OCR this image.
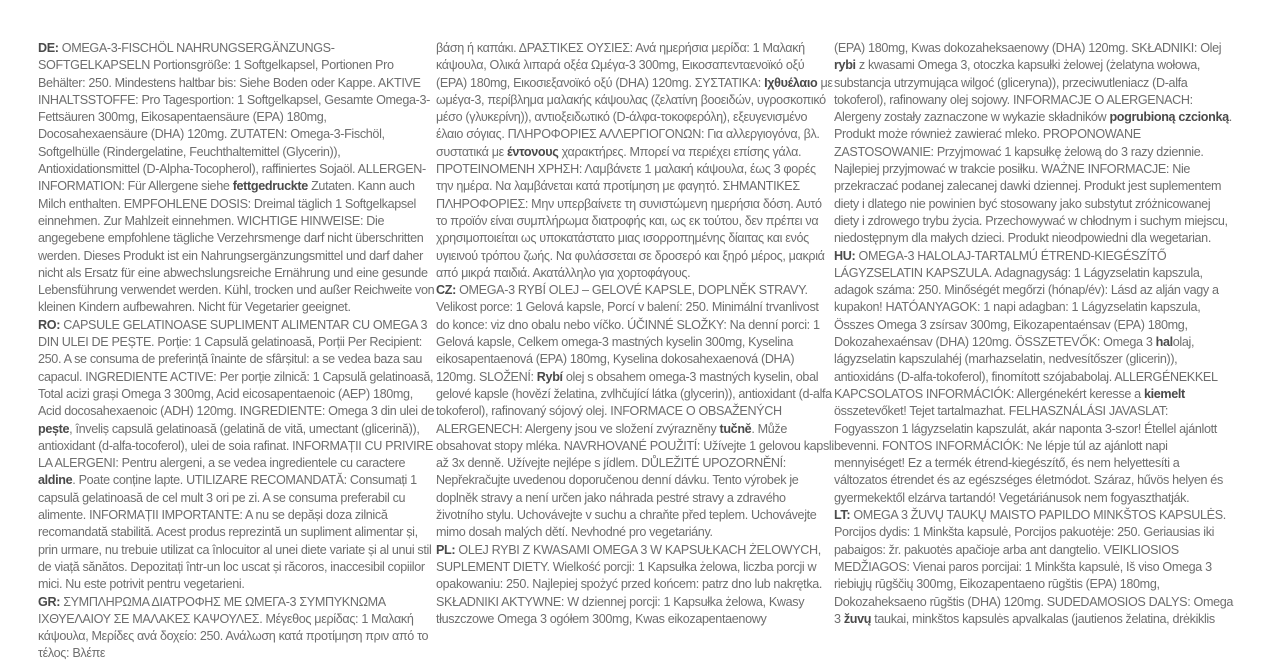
DE: OMEGA-3-FISCHÖL NAHRUNGSERGÄNZUNGS-SOFTGELKAPSELN Portionsgröße: 1 Softgelkapsel, Portionen Pro Behälter: 250. Mindestens haltbar bis: Siehe Boden oder Kappe. AKTIVE INHALTSSTOFFE: Pro Tagesportion: 1 Softgelkapsel, Gesamte Omega-3-Fettsäuren 300mg, Eikosapentaensäure (EPA) 180mg, Docosahexaensäure (DHA) 120mg. ZUTATEN: Omega-3-Fischöl, Softgelhülle (Rindergelatine, Feuchthaltemittel (Glycerin)), Antioxidationsmittel (D-Alpha-Tocopherol), raffiniertes Sojaöl. ALLERGEN-INFORMATION: Für Allergene siehe fettgedruckte Zutaten. Kann auch Milch enthalten. EMPFOHLENE DOSIS: Dreimal täglich 1 Softgelkapsel einnehmen. Zur Mahlzeit einnehmen. WICHTIGE HINWEISE: Die angegebene empfohlene tägliche Verzehrsmenge darf nicht überschritten werden. Dieses Produkt ist ein Nahrungsergänzungsmittel und darf daher nicht als Ersatz für eine abwechslungsreiche Ernährung und eine gesunde Lebensführung verwendet werden. Kühl, trocken und außer Reichweite von kleinen Kindern aufbewahren. Nicht für Vegetarier geeignet.
RO: CAPSULE GELATINOASE SUPLIMENT ALIMENTAR CU OMEGA 3 DIN ULEI DE PEȘTE. Porție: 1 Capsulă gelatinoasă, Porții Per Recipient: 250. A se consuma de preferință înainte de sfârșitul: a se vedea baza sau capacul. INGREDIENTE ACTIVE: Per porție zilnică: 1 Capsulă gelatinoasă, Total acizi grași Omega 3 300mg, Acid eicosapentaenoic (AEP) 180mg, Acid docosahexaenoic (ADH) 120mg. INGREDIENTE: Omega 3 din ulei de pește, înveliș capsulă gelatinoasă (gelatină de vită, umectant (glicerină)), antioxidant (d-alfa-tocoferol), ulei de soia rafinat. INFORMAȚII CU PRIVIRE LA ALERGENI: Pentru alergeni, a se vedea ingredientele cu caractere aldine. Poate conține lapte. UTILIZARE RECOMANDATĂ: Consumați 1 capsulă gelatinoasă de cel mult 3 ori pe zi. A se consuma preferabil cu alimente. INFORMAȚII IMPORTANTE: A nu se depăși doza zilnică recomandată stabilită. Acest produs reprezintă un supliment alimentar și, prin urmare, nu trebuie utilizat ca înlocuitor al unei diete variate și al unui stil de viață sănătos. Depozitați într-un loc uscat și răcoros, inaccesibil copiilor mici. Nu este potrivit pentru vegetarieni.
GR: ΣΥΜΠΛΗΡΩΜΑ ΔΙΑΤΡΟΦΗΣ ΜΕ ΩΜΕΓΑ-3 ΣΥΜΠΥΚΝΩΜΑ ΙΧΘΥΕΛΑΙΟΥ ΣΕ ΜΑΛΑΚΕΣ ΚΑΨΟΥΛΕΣ. Μέγεθος μερίδας: 1 Μαλακή κάψουλα, Μερίδες ανά δοχείο: 250. Ανάλωση κατά προτίμηση πριν από το τέλος: Βλέπε
βάση ή καπάκι. ΔΡΑΣΤΙΚΕΣ ΟΥΣΙΕΣ: Ανά ημερήσια μερίδα: 1 Μαλακή κάψουλα, Ολικά λιπαρά οξέα Ωμέγα-3 300mg, Εικοσαπενταενοϊκό οξύ (EPA) 180mg, Εικοσιεξανοϊκό οξύ (DHA) 120mg. ΣΥΣΤΑΤΙΚΑ: Ιχθυέλαιο με ωμέγα-3, περίβλημα μαλακής κάψουλας (ζελατίνη βοοειδών, υγροσκοπικό μέσο (γλυκερίνη)), αντιοξειδωτικό (D-άλφα-τοκοφερόλη), εξευγενισμένο έλαιο σόγιας. ΠΛΗΡΟΦΟΡΙΕΣ ΑΛΛΕΡΓΙΟΓΟΝΩΝ: Για αλλεργιογόνα, βλ. συστατικά με έντονους χαρακτήρες. Μπορεί να περιέχει επίσης γάλα. ΠΡΟΤΕΙΝΟΜΕΝΗ ΧΡΗΣΗ: Λαμβάνετε 1 μαλακή κάψουλα, έως 3 φορές την ημέρα. Να λαμβάνεται κατά προτίμηση με φαγητό. ΣΗΜΑΝΤΙΚΕΣ ΠΛΗΡΟΦΟΡΙΕΣ: Μην υπερβαίνετε τη συνιστώμενη ημερήσια δόση. Αυτό το προϊόν είναι συμπλήρωμα διατροφής και, ως εκ τούτου, δεν πρέπει να χρησιμοποιείται ως υποκατάστατο μιας ισορροπημένης δίαιτας και ενός υγιεινού τρόπου ζωής. Να φυλάσσεται σε δροσερό και ξηρό μέρος, μακριά από μικρά παιδιά. Ακατάλληλο για χορτοφάγους.
CZ: OMEGA-3 RYBÍ OLEJ – GELOVÉ KAPSLE, DOPLNĚK STRAVY. Velikost porce: 1 Gelová kapsle, Porcí v balení: 250. Minimální trvanlivost do konce: viz dno obalu nebo víčko. ÚČINNÉ SLOŽKY: Na denní porci: 1 Gelová kapsle, Celkem omega-3 mastných kyselin 300mg, Kyselina eikosapentaenová (EPA) 180mg, Kyselina dokosahexaenová (DHA) 120mg. SLOŽENÍ: Rybí olej s obsahem omega-3 mastných kyselin, obal gelové kapsle (hovězí želatina, zvlhčující látka (glycerin)), antioxidant (d-alfa tokoferol), rafinovaný sójový olej. INFORMACE O OBSAŽENÝCH ALERGENECH: Alergeny jsou ve složení zvýrazněny tučně. Může obsahovat stopy mléka. NAVRHOVANÉ POUŽITÍ: Užívejte 1 gelovou kapsli až 3x denně. Užívejte nejlépe s jídlem. DŮLEŽITÉ UPOZORNĚNÍ: Nepřekračujte uvedenou doporučenou denní dávku. Tento výrobek je doplněk stravy a není určen jako náhrada pestré stravy a zdravého životního stylu. Uchovávejte v suchu a chraňte před teplem. Uchovávejte mimo dosah malých dětí. Nevhodné pro vegetariány.
PL: OLEJ RYBI Z KWASAMI OMEGA 3 W KAPSUŁKACH ŻELOWYCH, SUPLEMENT DIETY. Wielkość porcji: 1 Kapsułka żelowa, liczba porcji w opakowaniu: 250. Najlepiej spożyć przed końcem: patrz dno lub nakrętka. SKŁADNIKI AKTYWNE: W dziennej porcji: 1 Kapsułka żelowa, Kwasy tłuszczowe Omega 3 ogółem 300mg, Kwas eikozapentaenowy
(EPA) 180mg, Kwas dokozaheksaenowy (DHA) 120mg. SKŁADNIKI: Olej rybi z kwasami Omega 3, otoczka kapsułki żelowej (żelatyna wołowa, substancja utrzymująca wilgoć (gliceryna)), przeciwutleniacz (D-alfa tokoferol), rafinowany olej sojowy. INFORMACJE O ALERGENACH: Alergeny zostały zaznaczone w wykazie składników pogrubioną czcionką. Produkt może również zawierać mleko. PROPONOWANE ZASTOSOWANIE: Przyjmować 1 kapsułkę żelową do 3 razy dziennie. Najlepiej przyjmować w trakcie posiłku. WAŻNE INFORMACJE: Nie przekraczać podanej zalecanej dawki dziennej. Produkt jest suplementem diety i dlatego nie powinien być stosowany jako substytut zróżnicowanej diety i zdrowego trybu życia. Przechowywać w chłodnym i suchym miejscu, niedostępnym dla małych dzieci. Produkt nieodpowiedni dla wegetarian.
HU: OMEGA-3 HALOLAJ-TARTALMÚ ÉTREND-KIEGÉSZÍTŐ LÁGYZSELATIN KAPSZULA. Adagnagyság: 1 Lágyzselatin kapszula, adagok száma: 250. Minőségét megőrzi (hónap/év): Lásd az alján vagy a kupakon! HATÓANYAGOK: 1 napi adagban: 1 Lágyzselatin kapszula, Összes Omega 3 zsírsav 300mg, Eikozapentaénsav (EPA) 180mg, Dokozahexaénsav (DHA) 120mg. ÖSSZETEVŐK: Omega 3 halolaj, lágyzselatin kapszulahéj (marhazselatin, nedvesítőszer (glicerin)), antioxidáns (D-alfa-tokoferol), finomított szójababolaj. ALLERGÉNEKKEL KAPCSOLATOS INFORMÁCIÓK: Allergénekért keresse a kiemelt összetevőket! Tejet tartalmazhat. FELHASZNÁLÁSI JAVASLAT: Fogyasszon 1 lágyzselatin kapszulát, akár naponta 3-szor! Étellel ajánlott bevenni. FONTOS INFORMÁCIÓK: Ne lépje túl az ajánlott napi mennyiséget! Ez a termék étrend-kiegészítő, és nem helyettesíti a változatos étrendet és az egészséges életmódot. Száraz, hűvös helyen és gyermekektől elzárva tartandó! Vegetáriánusok nem fogyaszthatják.
LT: OMEGA 3 ŽUVŲ TAUKŲ MAISTO PAPILDO MINKŠTOS KAPSULĖS. Porcijos dydis: 1 Minkšta kapsulė, Porcijos pakuotėje: 250. Geriausias iki pabaigos: žr. pakuotės apačioje arba ant dangtelio. VEIKLIOSIOS MEDŽIAGOS: Vienai paros porcijai: 1 Minkšta kapsulė, Iš viso Omega 3 riebiųjų rūgščių 300mg, Eikozapentaeno rūgštis (EPA) 180mg, Dokozaheksaeno rūgštis (DHA) 120mg. SUDEDAMOSIOS DALYS: Omega 3 žuvų taukai, minkštos kapsulės apvalkalas (jautienos želatina, drėkiklis
